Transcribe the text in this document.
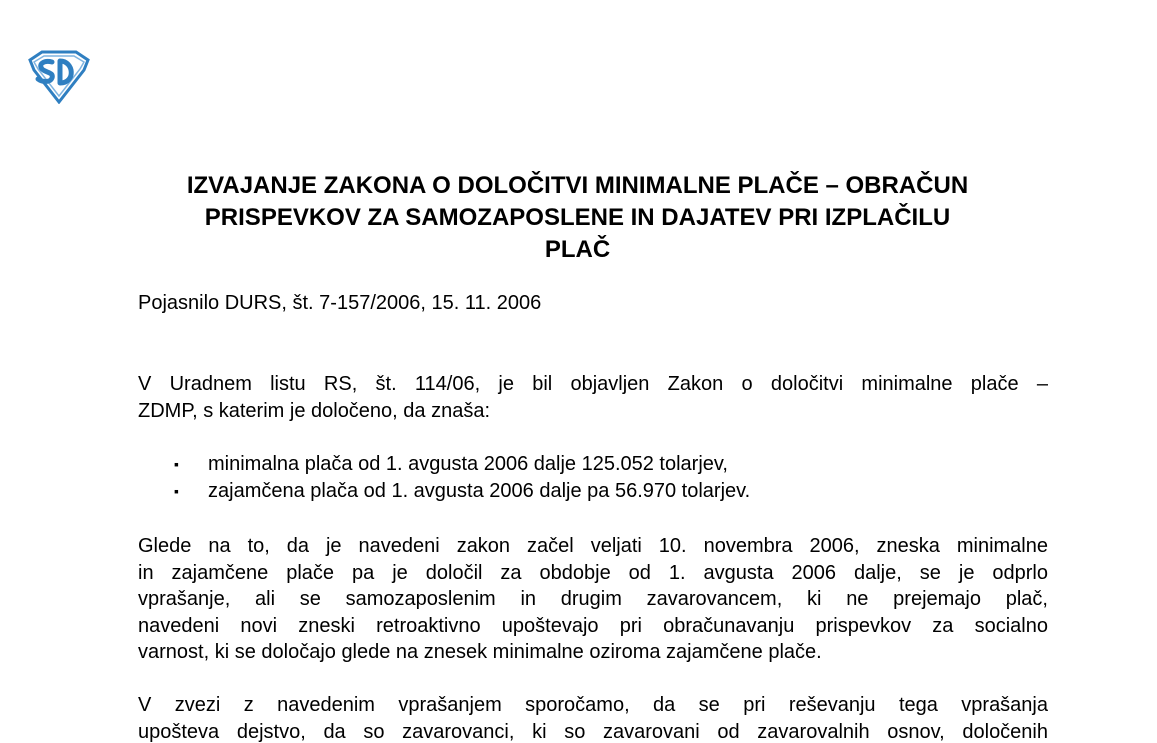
IZVAJANJE ZAKONA O DOLOČITVI MINIMALNE PLAČE – OBRAČUN
PRISPEVKOV ZA SAMOZAPOSLENE IN DAJATEV PRI IZPLAČILU
PLAČ
Pojasnilo DURS, št. 7-157/2006, 15. 11. 2006
V Uradnem listu RS, št. 114/06, je bil objavljen Zakon o določitvi minimalne plače –
ZDMP, s katerim je določeno, da znaša:
▪ minimalna plača od 1. avgusta 2006 dalje 125.052 tolarjev,
▪ zajamčena plača od 1. avgusta 2006 dalje pa 56.970 tolarjev.
Glede na to, da je navedeni zakon začel veljati 10. novembra 2006, zneska minimalne
in zajamčene plače pa je določil za obdobje od 1. avgusta 2006 dalje, se je odprlo
vprašanje, ali se samozaposlenim in drugim zavarovancem, ki ne prejemajo plač,
navedeni novi zneski retroaktivno upoštevajo pri obračunavanju prispevkov za socialno
varnost, ki se določajo glede na znesek minimalne oziroma zajamčene plače.
V zvezi z navedenim vprašanjem sporočamo, da se pri reševanju tega vprašanja
upošteva dejstvo, da so zavarovanci, ki so zavarovani od zavarovalnih osnov, določenih
